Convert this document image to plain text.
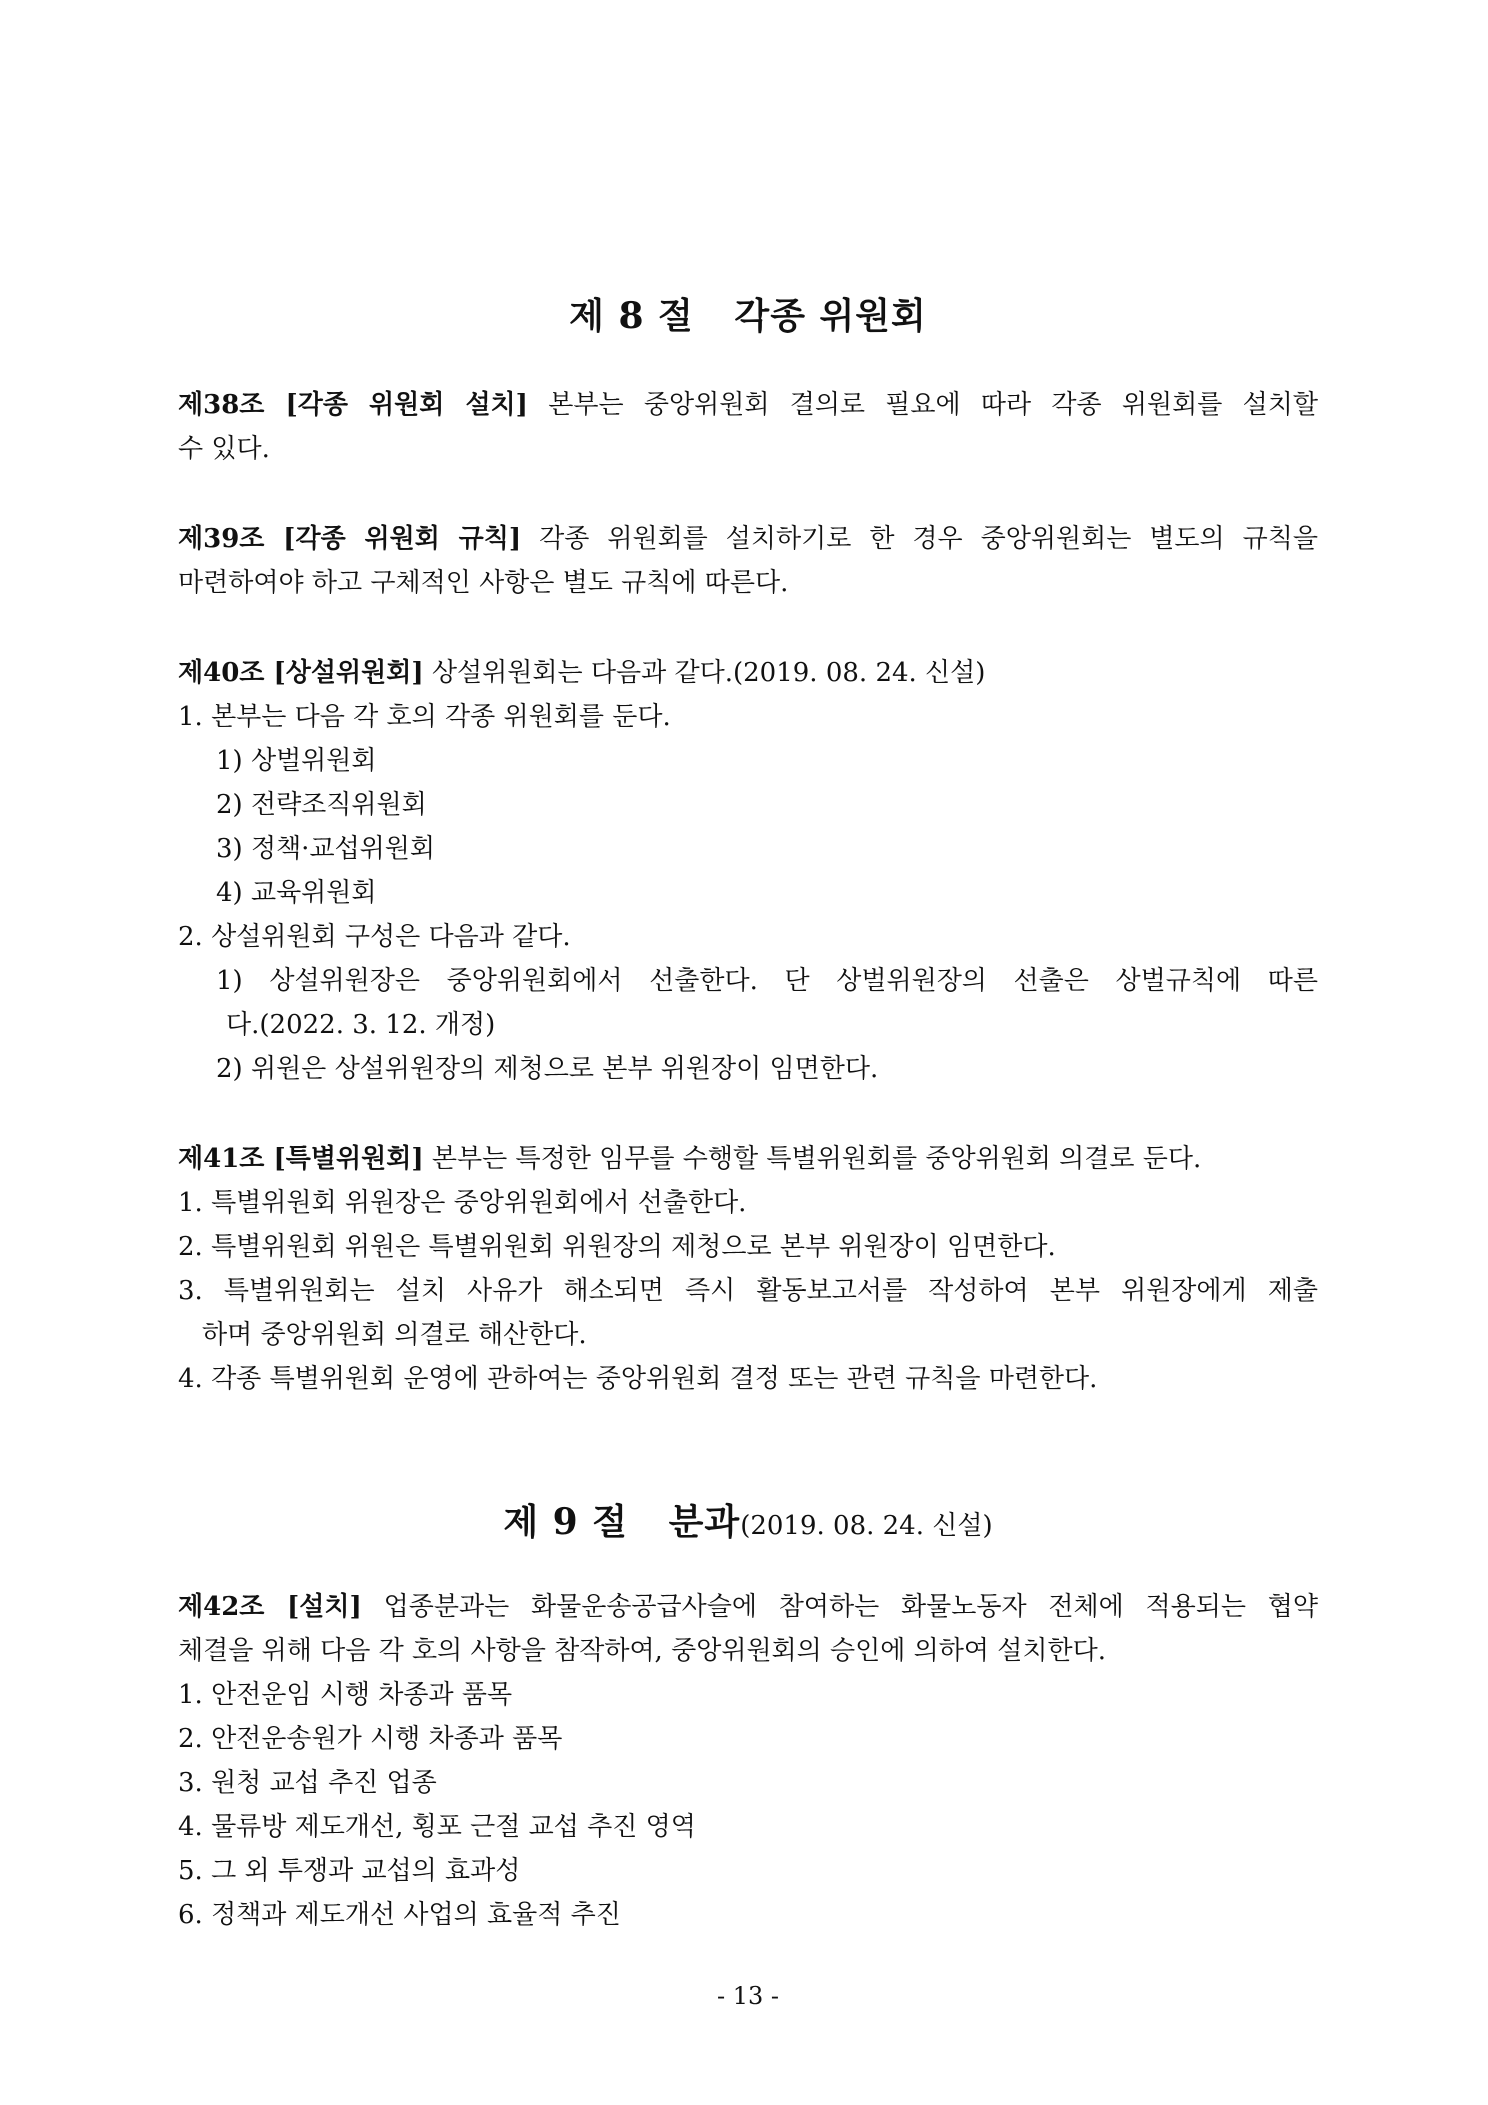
제 8 절   각종 위원회
제38조 [각종 위원회 설치] 본부는 중앙위원회 결의로 필요에 따라 각종 위원회를 설치할
수 있다.
제39조 [각종 위원회 규칙] 각종 위원회를 설치하기로 한 경우 중앙위원회는 별도의 규칙을
마련하여야 하고 구체적인 사항은 별도 규칙에 따른다.
제40조 [상설위원회] 상설위원회는 다음과 같다.(2019. 08. 24. 신설)
1. 본부는 다음 각 호의 각종 위원회를 둔다.
1) 상벌위원회
2) 전략조직위원회
3) 정책·교섭위원회
4) 교육위원회
2. 상설위원회 구성은 다음과 같다.
1) 상설위원장은 중앙위원회에서 선출한다. 단 상벌위원장의 선출은 상벌규칙에 따른
다.(2022. 3. 12. 개정)
2) 위원은 상설위원장의 제청으로 본부 위원장이 임면한다.
제41조 [특별위원회] 본부는 특정한 임무를 수행할 특별위원회를 중앙위원회 의결로 둔다.
1. 특별위원회 위원장은 중앙위원회에서 선출한다.
2. 특별위원회 위원은 특별위원회 위원장의 제청으로 본부 위원장이 임면한다.
3. 특별위원회는 설치 사유가 해소되면 즉시 활동보고서를 작성하여 본부 위원장에게 제출
하며 중앙위원회 의결로 해산한다.
4. 각종 특별위원회 운영에 관하여는 중앙위원회 결정 또는 관련 규칙을 마련한다.
제 9 절   분과(2019. 08. 24. 신설)
제42조 [설치] 업종분과는 화물운송공급사슬에 참여하는 화물노동자 전체에 적용되는 협약
체결을 위해 다음 각 호의 사항을 참작하여, 중앙위원회의 승인에 의하여 설치한다.
1. 안전운임 시행 차종과 품목
2. 안전운송원가 시행 차종과 품목
3. 원청 교섭 추진 업종
4. 물류방 제도개선, 횡포 근절 교섭 추진 영역
5. 그 외 투쟁과 교섭의 효과성
6. 정책과 제도개선 사업의 효율적 추진
- 13 -
